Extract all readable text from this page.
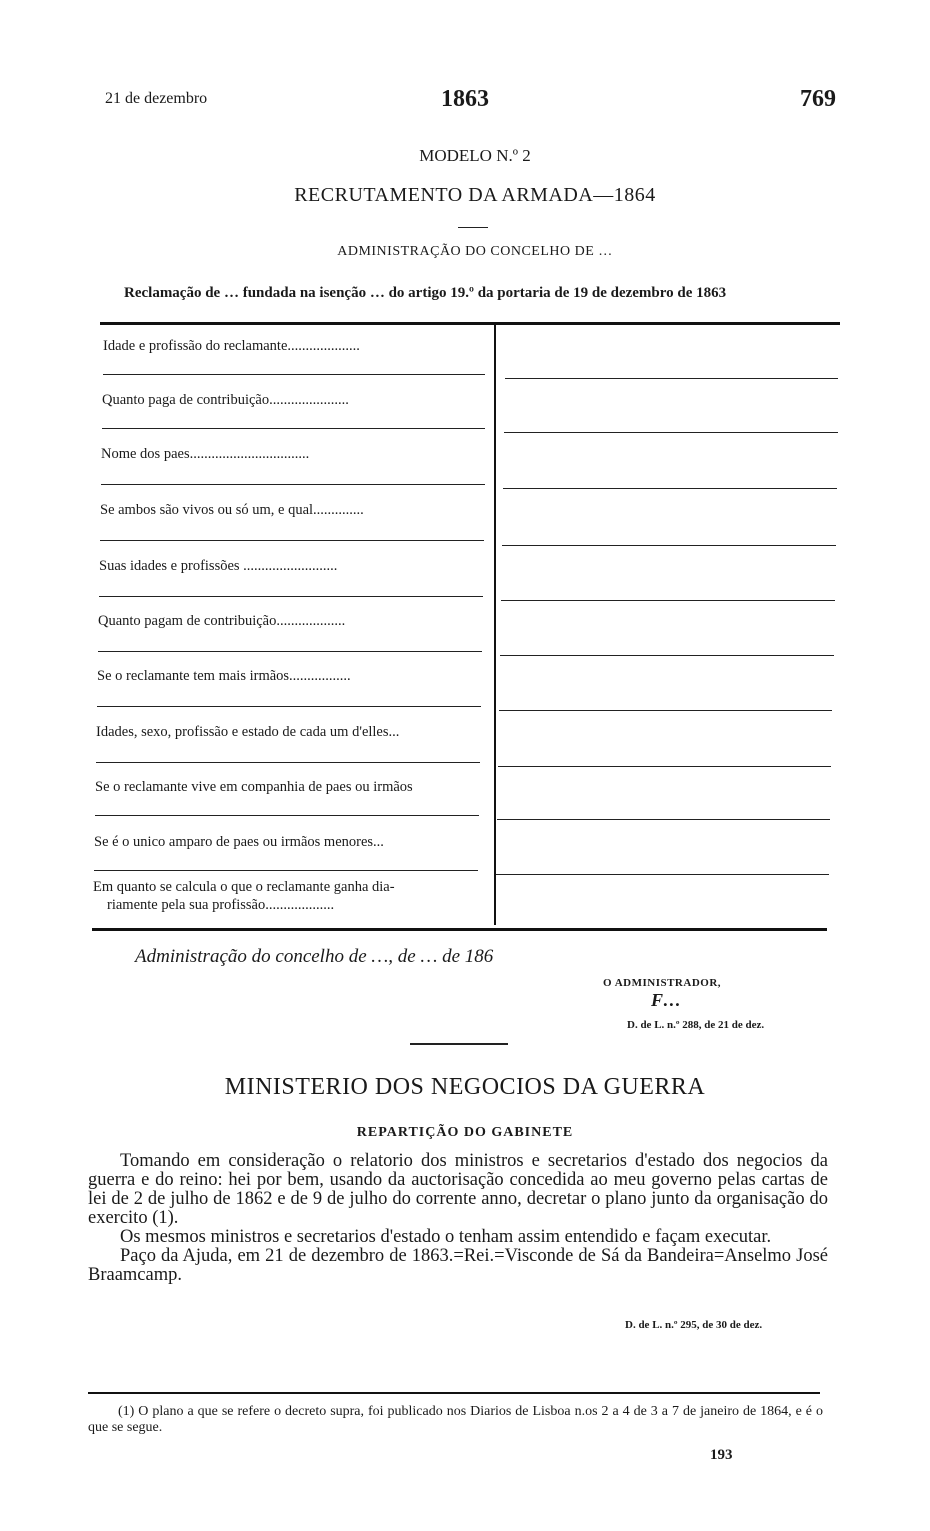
21 de dezembro	1863	769
MODELO N.º 2
RECRUTAMENTO DA ARMADA—1864
ADMINISTRAÇÃO DO CONCELHO DE …
Reclamação de … fundada na isenção … do artigo 19.º da portaria de 19 de dezembro de 1863
Idade e profissão do reclamante....................
Quanto paga de contribuição......................
Nome dos paes.................................
Se ambos são vivos ou só um, e qual..............
Suas idades e profissões ..........................
Quanto pagam de contribuição...................
Se o reclamante tem mais irmãos.................
Idades, sexo, profissão e estado de cada um d'elles...
Se o reclamante vive em companhia de paes ou irmãos
Se é o unico amparo de paes ou irmãos menores...
Em quanto se calcula o que o reclamante ganha dia-
riamente pela sua profissão...................
Administração do concelho de …, de … de 186
O ADMINISTRADOR,
F…
D. de L. n.º 288, de 21 de dez.
MINISTERIO DOS NEGOCIOS DA GUERRA
REPARTIÇÃO DO GABINETE

Tomando em consideração o relatorio dos ministros e secretarios d'estado dos negocios da guerra e do reino: hei por bem, usando da auctorisação concedida ao meu governo pelas cartas de lei de 2 de julho de 1862 e de 9 de julho do corrente anno, decretar o plano junto da organisação do exercito (1).

Os mesmos ministros e secretarios d'estado o tenham assim entendido e façam executar.

Paço da Ajuda, em 21 de dezembro de 1863.=Rei.=Visconde de Sá da Bandeira=Anselmo José Braamcamp.

D. de L. n.º 295, de 30 de dez.

(1) O plano a que se refere o decreto supra, foi publicado nos Diarios de Lisboa n.os 2 a 4 de 3 a 7 de janeiro de 1864, e é o que se segue.

193
